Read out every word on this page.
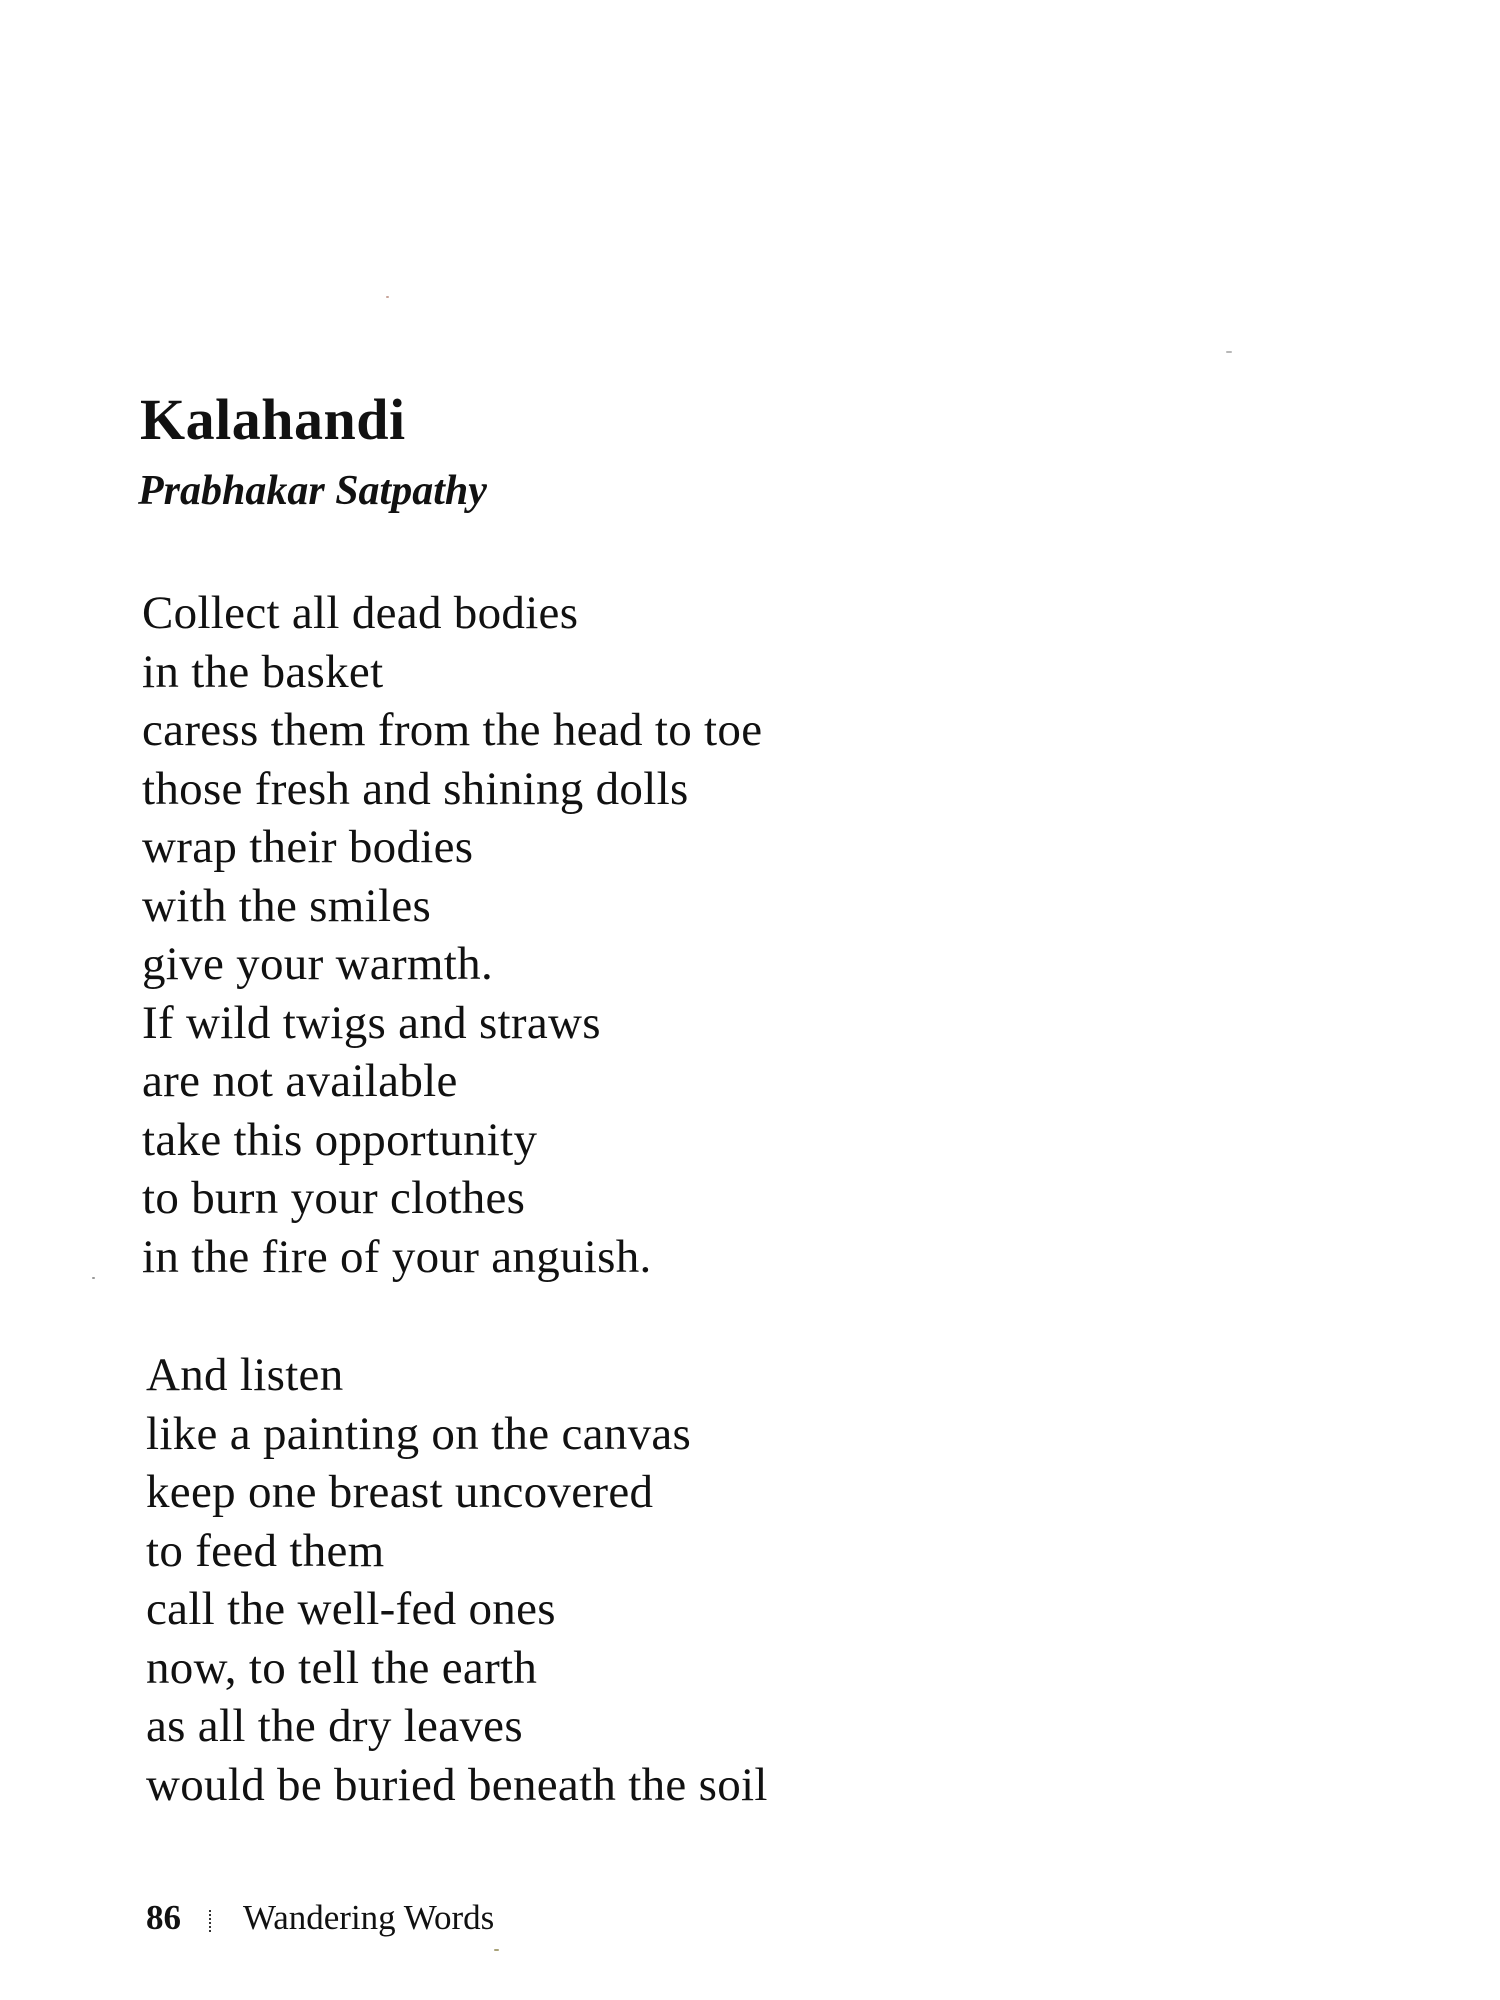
Kalahandi

Prabhakar Satpathy

Collect all dead bodies
in the basket
caress them from the head to toe
those fresh and shining dolls
wrap their bodies
with the smiles
give your warmth.
If wild twigs and straws
are not available
take this opportunity
to burn your clothes
in the fire of your anguish.
And listen
like a painting on the canvas
keep one breast uncovered
to feed them
call the well-fed ones
now, to tell the earth
as all the dry leaves
would be buried beneath the soil
86 Wandering Words
